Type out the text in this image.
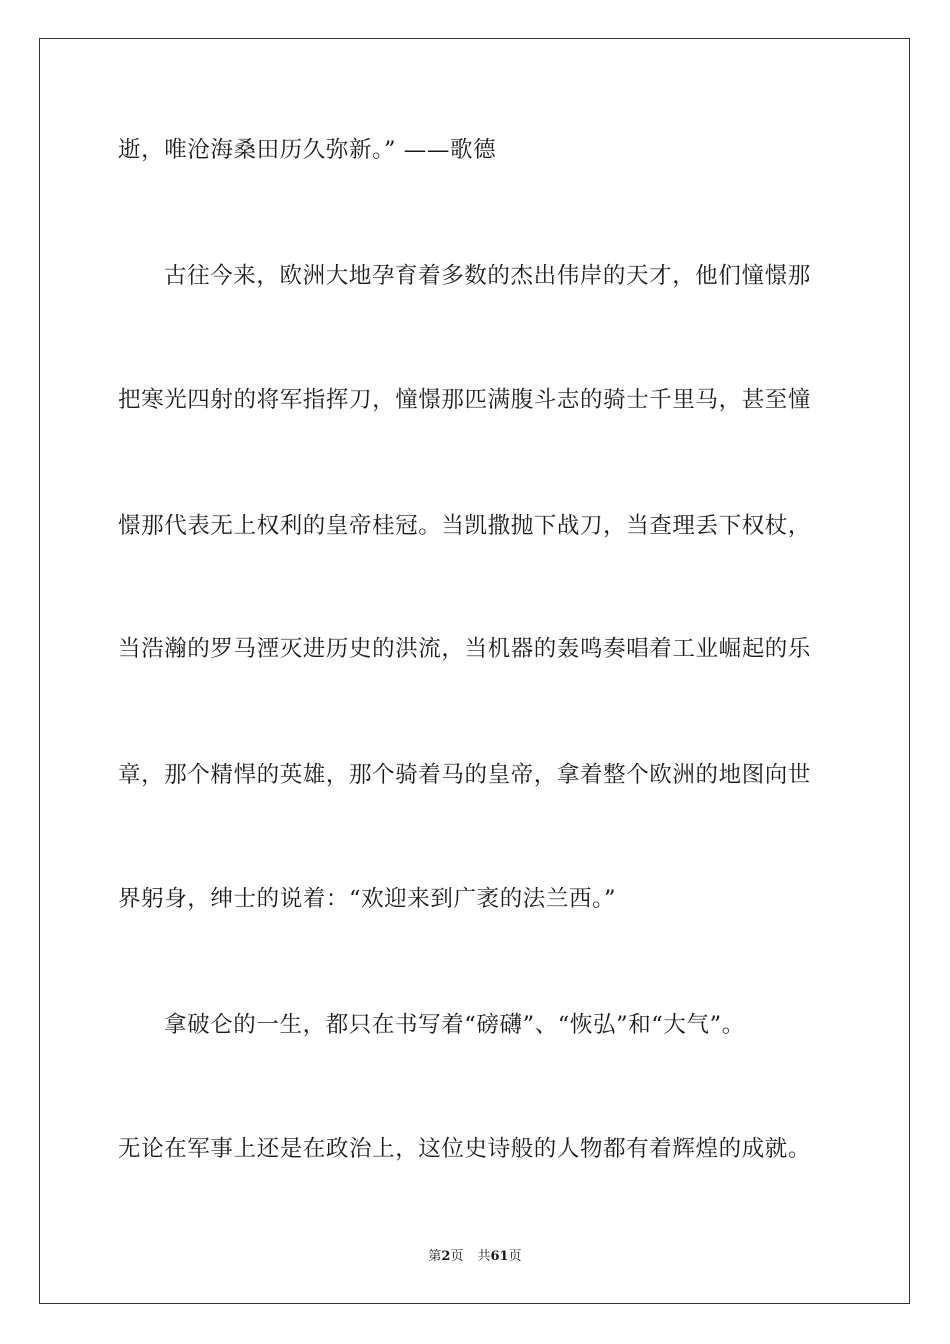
逝，唯沧海桑田历久弥新。” ——歌德
古往今来，欧洲大地孕育着多数的杰出伟岸的天才，他们憧憬那
把寒光四射的将军指挥刀，憧憬那匹满腹斗志的骑士千里马，甚至憧
憬那代表无上权利的皇帝桂冠。当凯撒抛下战刀，当查理丢下权杖，
当浩瀚的罗马湮灭进历史的洪流，当机器的轰鸣奏唱着工业崛起的乐
章，那个精悍的英雄，那个骑着马的皇帝，拿着整个欧洲的地图向世
界躬身，绅士的说着：“欢迎来到广袤的法兰西。”
拿破仑的一生，都只在书写着“磅礴”、“恢弘”和“大气”。
无论在军事上还是在政治上，这位史诗般的人物都有着辉煌的成就。
第2页 共61页
